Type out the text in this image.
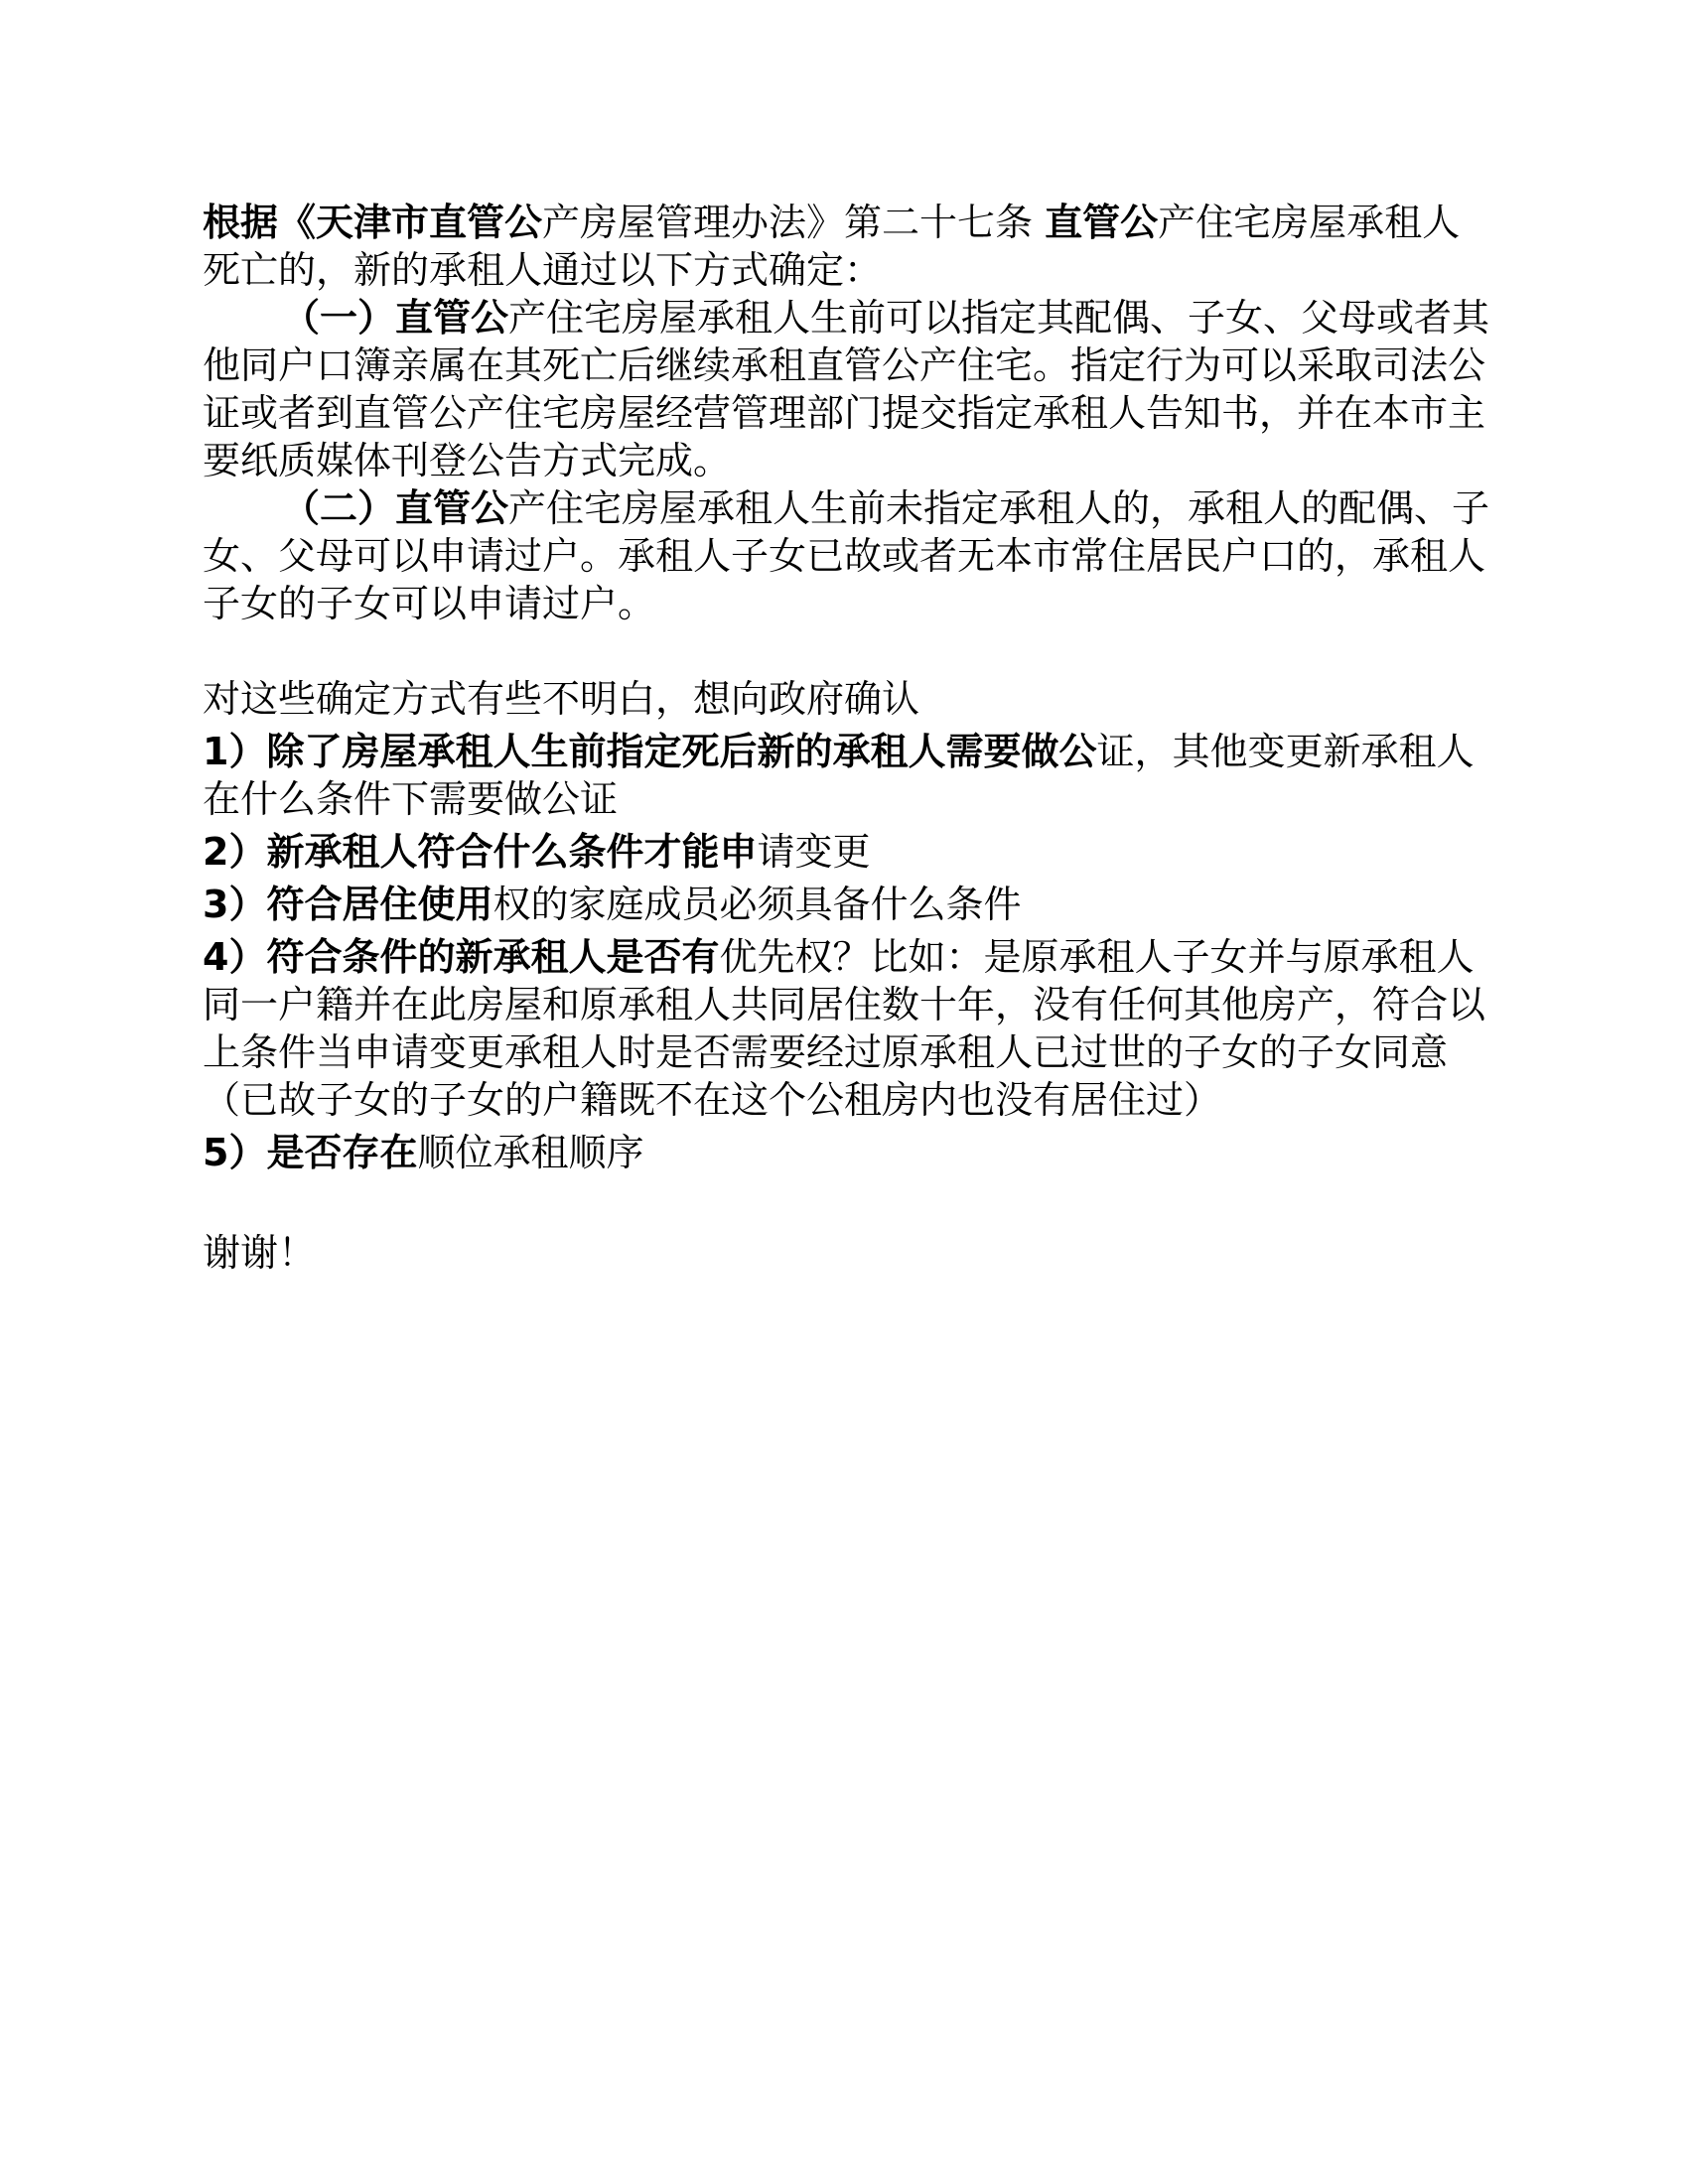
根据《天津市直管公产房屋管理办法》第二十七条 直管公产住宅房屋承租人死亡的，新的承租人通过以下方式确定：

（一）直管公产住宅房屋承租人生前可以指定其配偶、子女、父母或者其他同户口簿亲属在其死亡后继续承租直管公产住宅。指定行为可以采取司法公证或者到直管公产住宅房屋经营管理部门提交指定承租人告知书，并在本市主要纸质媒体刊登公告方式完成。

（二）直管公产住宅房屋承租人生前未指定承租人的，承租人的配偶、子女、父母可以申请过户。承租人子女已故或者无本市常住居民户口的，承租人子女的子女可以申请过户。

对这些确定方式有些不明白，想向政府确认

1）除了房屋承租人生前指定死后新的承租人需要做公证，其他变更新承租人在什么条件下需要做公证

2）新承租人符合什么条件才能申请变更

3）符合居住使用权的家庭成员必须具备什么条件

4）符合条件的新承租人是否有优先权？比如：是原承租人子女并与原承租人同一户籍并在此房屋和原承租人共同居住数十年，没有任何其他房产，符合以上条件当申请变更承租人时是否需要经过原承租人已过世的子女的子女同意（已故子女的子女的户籍既不在这个公租房内也没有居住过）

5）是否存在顺位承租顺序

谢谢！
